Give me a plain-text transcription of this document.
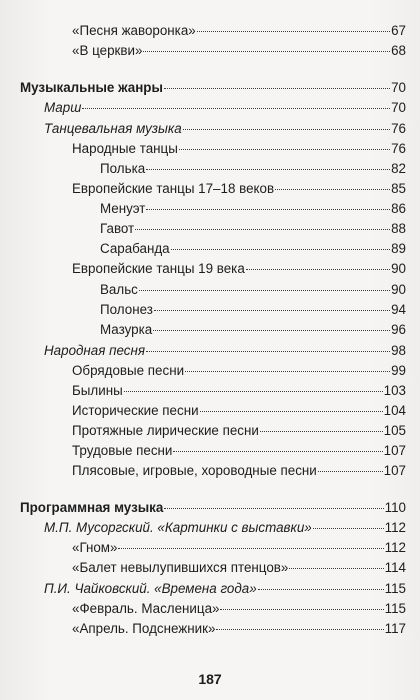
«Песня жаворонка»	67
«В церкви»	68
Музыкальные жанры	70
Марш	70
Танцевальная музыка	76
Народные танцы	76
Полька	82
Европейские танцы 17–18 веков	85
Менуэт	86
Гавот	88
Сарабанда	89
Европейские танцы 19 века	90
Вальс	90
Полонез	94
Мазурка	96
Народная песня	98
Обрядовые песни	99
Былины	103
Исторические песни	104
Протяжные лирические песни	105
Трудовые песни	107
Плясовые, игровые, хороводные песни	107
Программная музыка	110
М.П. Мусоргский. «Картинки с выставки»	112
«Гном»	112
«Балет невылупившихся птенцов»	114
П.И. Чайковский. «Времена года»	115
«Февраль. Масленица»	115
«Апрель. Подснежник»	117
187
